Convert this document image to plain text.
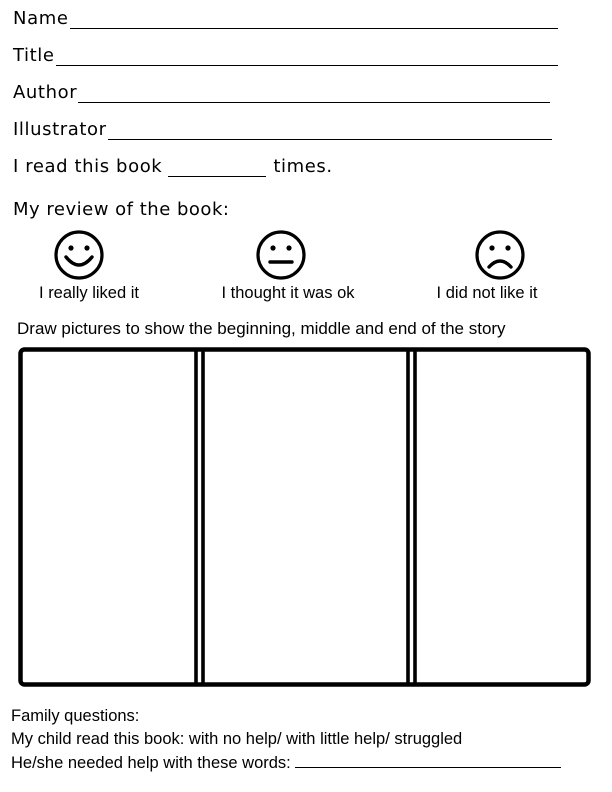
Name
Title
Author
Illustrator
I read this book	times.
My review of the book:
I really liked it	I thought it was ok	I did not like it
Draw pictures to show the beginning, middle and end of the story
Family questions:
My child read this book: with no help/ with little help/ struggled
He/she needed help with these words:
